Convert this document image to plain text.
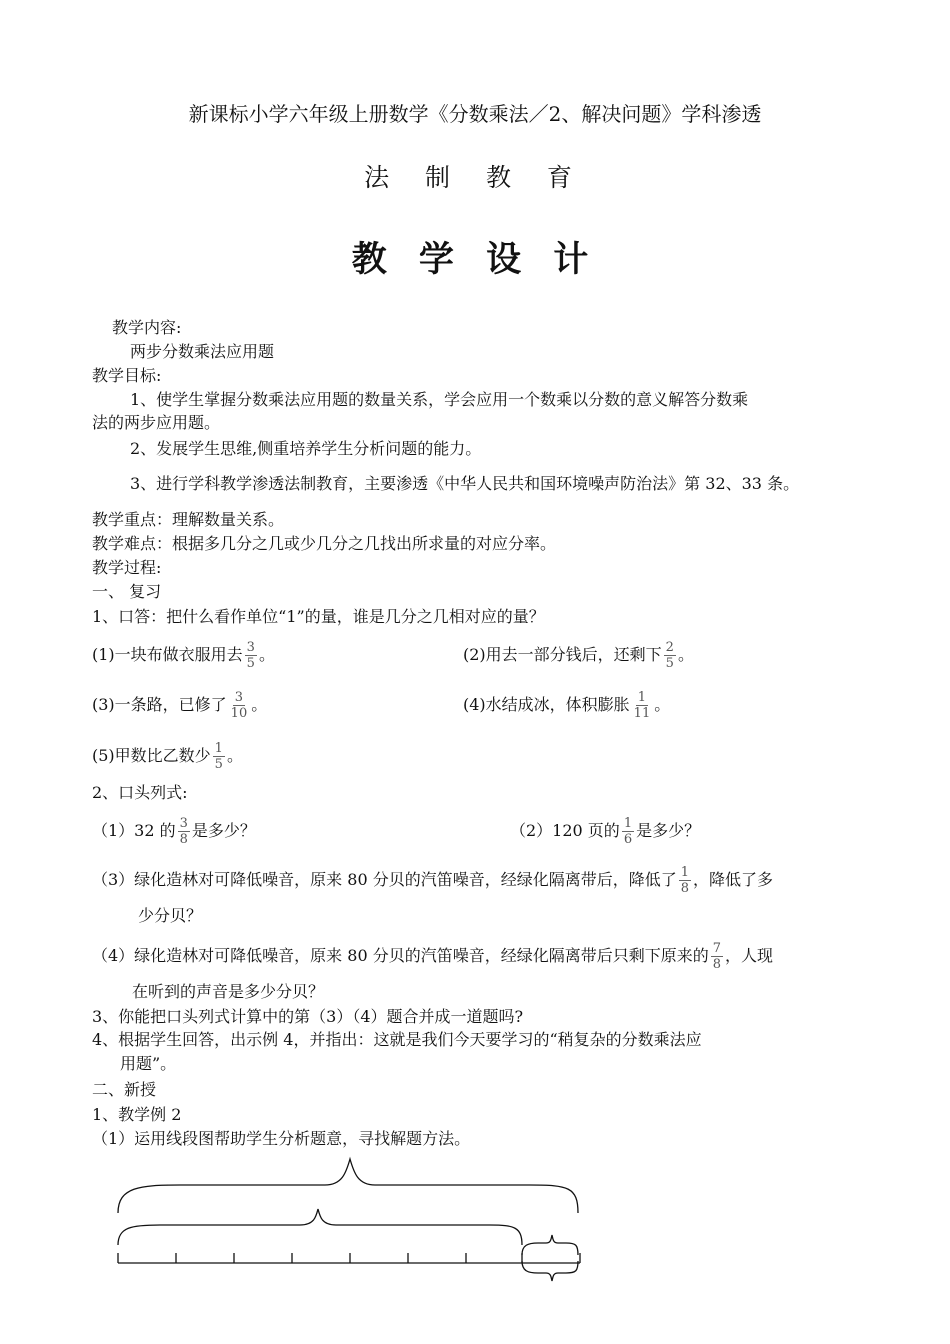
新课标小学六年级上册数学《分数乘法／2、解决问题》学科渗透
法 制 教 育
教 学 设 计
教学内容:
两步分数乘法应用题
教学目标:
1、使学生掌握分数乘法应用题的数量关系，学会应用一个数乘以分数的意义解答分数乘
法的两步应用题。
2、发展学生思维,侧重培养学生分析问题的能力。
3、进行学科教学渗透法制教育，主要渗透《中华人民共和国环境噪声防治法》第 32、33 条。
教学重点：理解数量关系。
教学难点：根据多几分之几或少几分之几找出所求量的对应分率。
教学过程:
一、 复习
1、口答：把什么看作单位“1”的量，谁是几分之几相对应的量？
(1)一块布做衣服用去 $\frac{3}{5}$ 。	(2)用去一部分钱后，还剩下 $\frac{2}{5}$ 。
(3)一条路，已修了 $\frac{3}{10}$ 。	(4)水结成冰，体积膨胀 $\frac{1}{11}$ 。
(5)甲数比乙数少 $\frac{1}{5}$ 。
2、口头列式:
（1）32 的 $\frac{3}{8}$ 是多少？	（2）120 页的 $\frac{1}{6}$ 是多少？
（3）绿化造林对可降低噪音，原来 80 分贝的汽笛噪音，经绿化隔离带后，降低了 $\frac{1}{8}$ ，降低了多
少分贝？
（4）绿化造林对可降低噪音，原来 80 分贝的汽笛噪音，经绿化隔离带后只剩下原来的 $\frac{7}{8}$ ，人现
在听到的声音是多少分贝？
3、你能把口头列式计算中的第（3）（4）题合并成一道题吗?
4、根据学生回答，出示例 4，并指出：这就是我们今天要学习的“稍复杂的分数乘法应
用题”。
二、新授
1、教学例 2
（1）运用线段图帮助学生分析题意，寻找解题方法。
